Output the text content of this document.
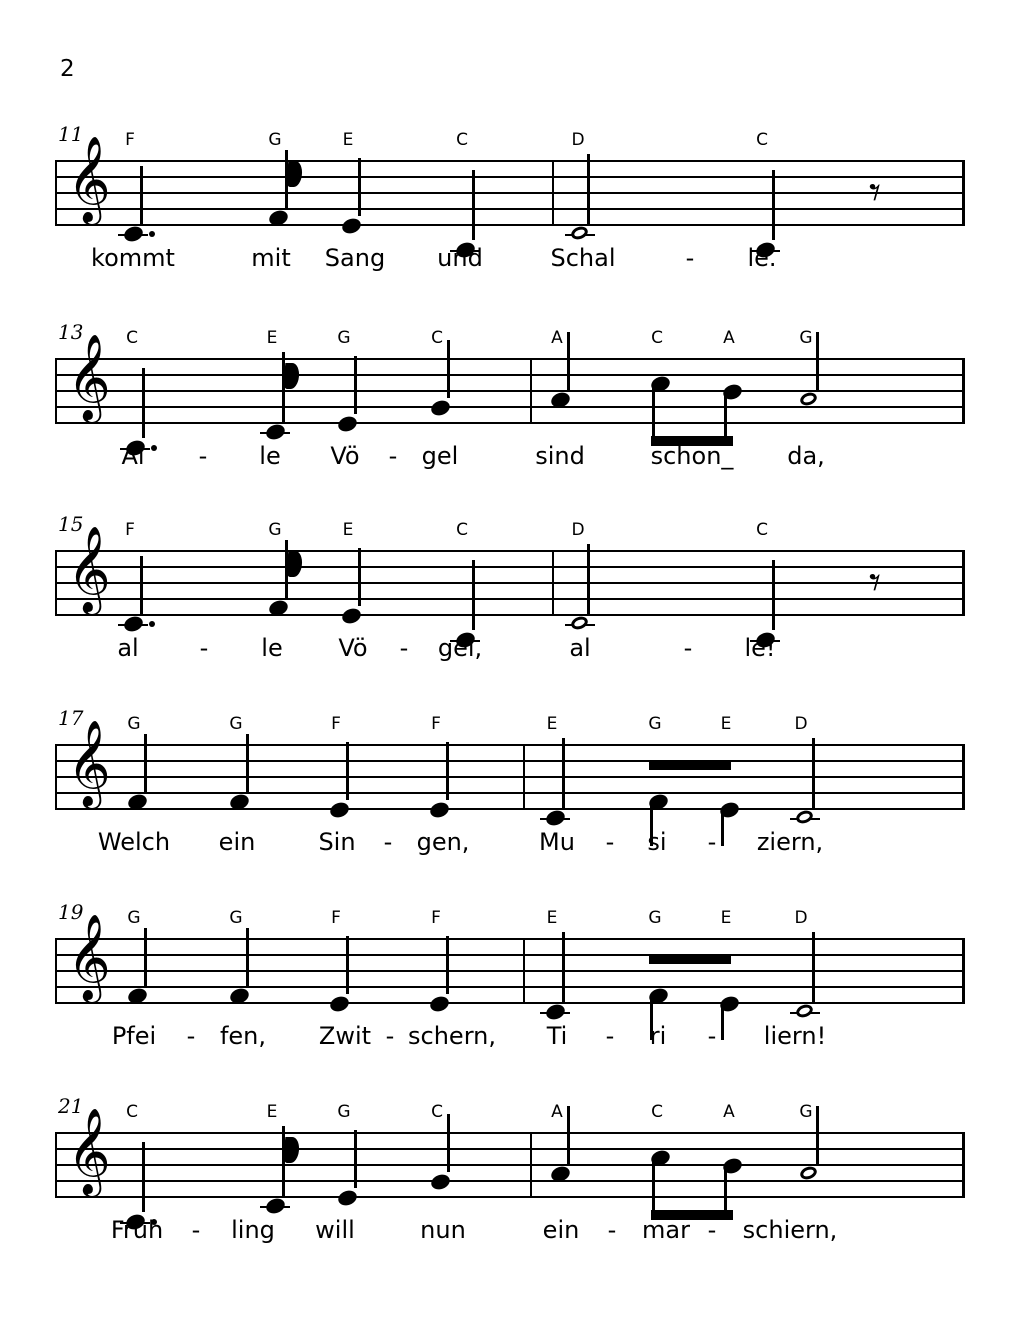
2
11
𝄞	𝄾
F	G	E	C	D	C
kommt	mit Sang und	Schal	- le.
13
𝄞 C	E	G	C	A	C	A	G
Al - le Vö - gel	sind	schon_ da,
15
𝄞	𝄾
F	G	E	C	D	C
al	- le Vö - gel,	al	- le!
17
𝄞 G	G	F	F	E	G	E	D
Welch ein	Sin - gen,	Mu - si - ziern,
19
𝄞 G	G	F	F	E	G	E	D
Pfei - fen, Zwit - schern, Ti - ri - liern!
21
𝄞 C	E	G	C	A	C	A	G
Früh - ling will	nun	ein - mar - schiern,
